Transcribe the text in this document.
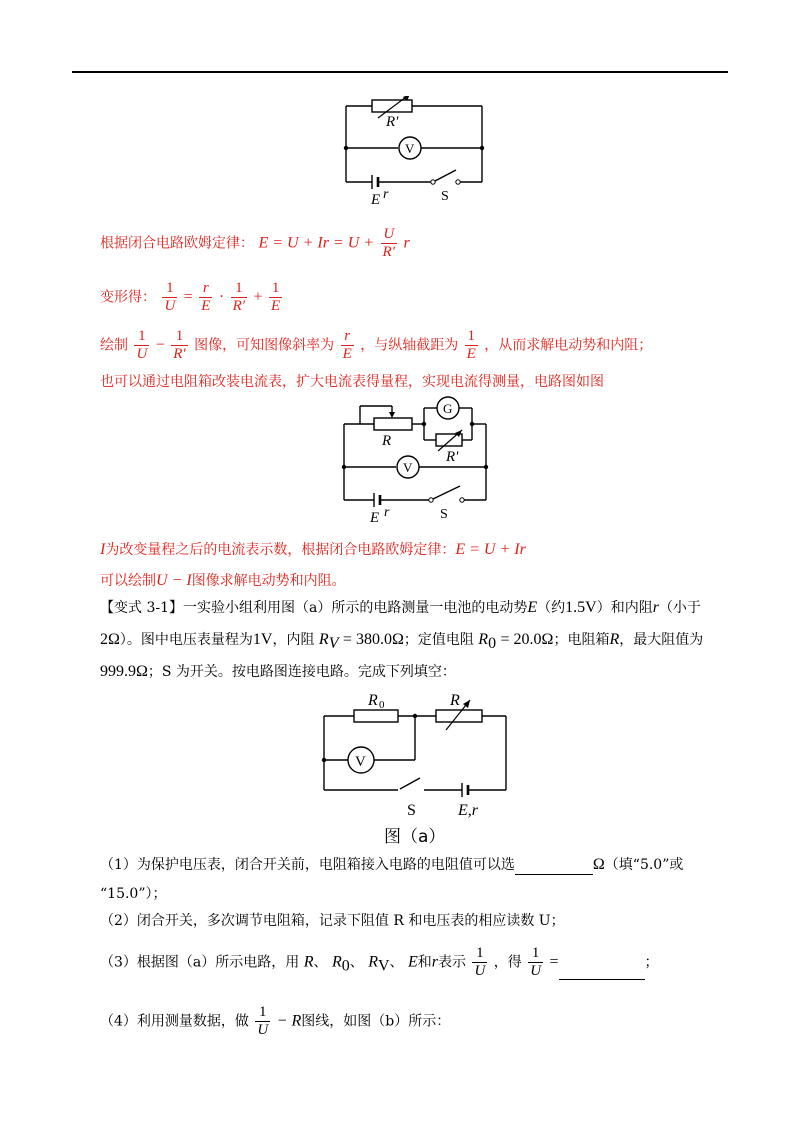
R′
V
E r	S
根据闭合电路欧姆定律： $E = U + Ir = U + \frac{U}{R'}$ r
变形得： $\frac{1}{U} = \frac{r}{E} \cdot \frac{1}{R'} + \frac{1}{E}$
绘制 $\frac{1}{U} - \frac{1}{R'}$ 图像，可知图像斜率为 $\frac{r}{E}$ ，与纵轴截距为 $\frac{1}{E}$ ，从而求解电动势和内阻；
也可以通过电阻箱改装电流表，扩大电流表得量程，实现电流得测量，电路图如图
G
R
R′
V
E r	S
I为改变量程之后的电流表示数，根据闭合电路欧姆定律：E = U + Ir
可以绘制U − I图像求解电动势和内阻。
【变式 3-1】一实验小组利用图（a）所示的电路测量一电池的电动势E（约1.5V）和内阻r（小于
2Ω）。图中电压表量程为1V，内阻 $R_V = 380.0\Omega$；定值电阻 $R_0 = 20.0\Omega$；电阻箱R，最大阻值为
999.9Ω；S 为开关。按电路图连接电路。完成下列填空：
R 0	R
V
S	E,r
图（a）
（1）为保护电压表，闭合开关前，电阻箱接入电路的电阻值可以选	Ω（填“5.0”或
“15.0”）；
（2）闭合开关，多次调节电阻箱，记录下阻值 R 和电压表的相应读数 U；
（3）根据图（a）所示电路，用 R、 $R_0$、 $R_V$、 E和r表示 $\frac{1}{U}$ ，得 $\frac{1}{U}$ =	；
（4）利用测量数据，做 $\frac{1}{U} - R$图线，如图（b）所示：
